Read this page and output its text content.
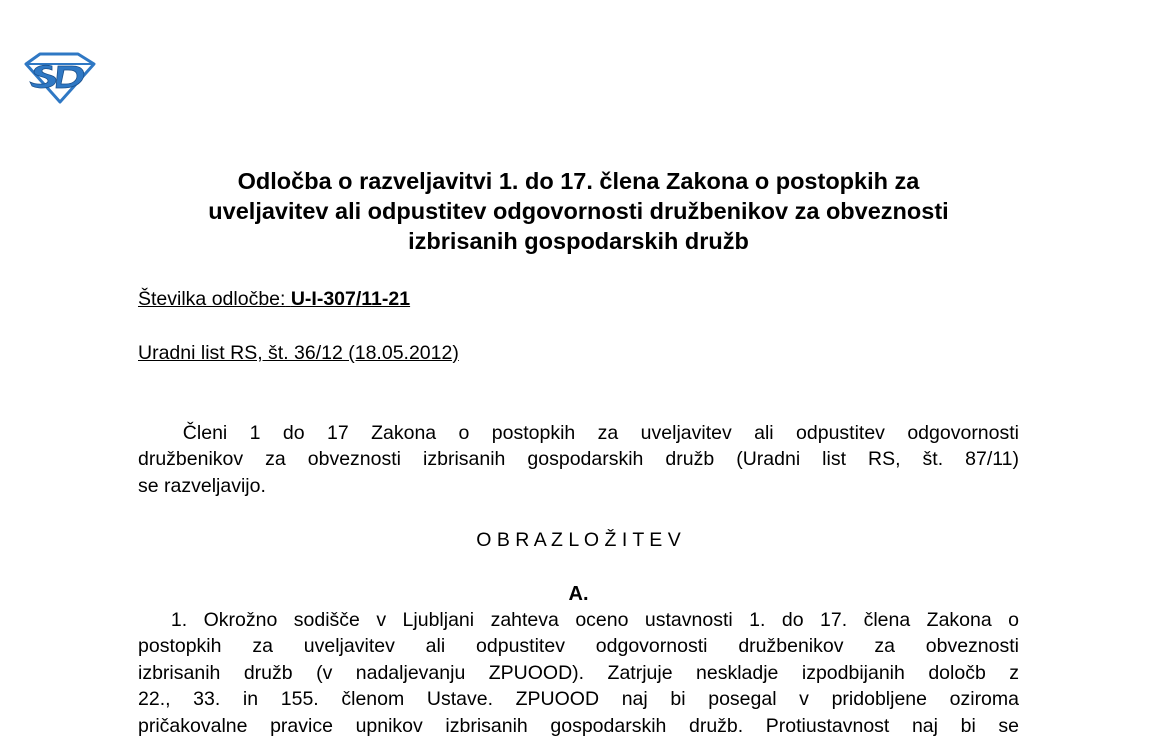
Odločba o razveljavitvi 1. do 17. člena Zakona o postopkih za
uveljavitev ali odpustitev odgovornosti družbenikov za obveznosti
izbrisanih gospodarskih družb
Številka odločbe: U-I-307/11-21
Uradni list RS, št. 36/12 (18.05.2012)

Členi 1 do 17 Zakona o postopkih za uveljavitev ali odpustitev odgovornosti
družbenikov za obveznosti izbrisanih gospodarskih družb (Uradni list RS, št. 87/11)
se razveljavijo.

O B R A Z L O Ž I T E V
A.

1. Okrožno sodišče v Ljubljani zahteva oceno ustavnosti 1. do 17. člena Zakona o
postopkih za uveljavitev ali odpustitev odgovornosti družbenikov za obveznosti
izbrisanih družb (v nadaljevanju ZPUOOD). Zatrjuje neskladje izpodbijanih določb z
22., 33. in 155. členom Ustave. ZPUOOD naj bi posegal v pridobljene oziroma
pričakovalne pravice upnikov izbrisanih gospodarskih družb. Protiustavnost naj bi se
